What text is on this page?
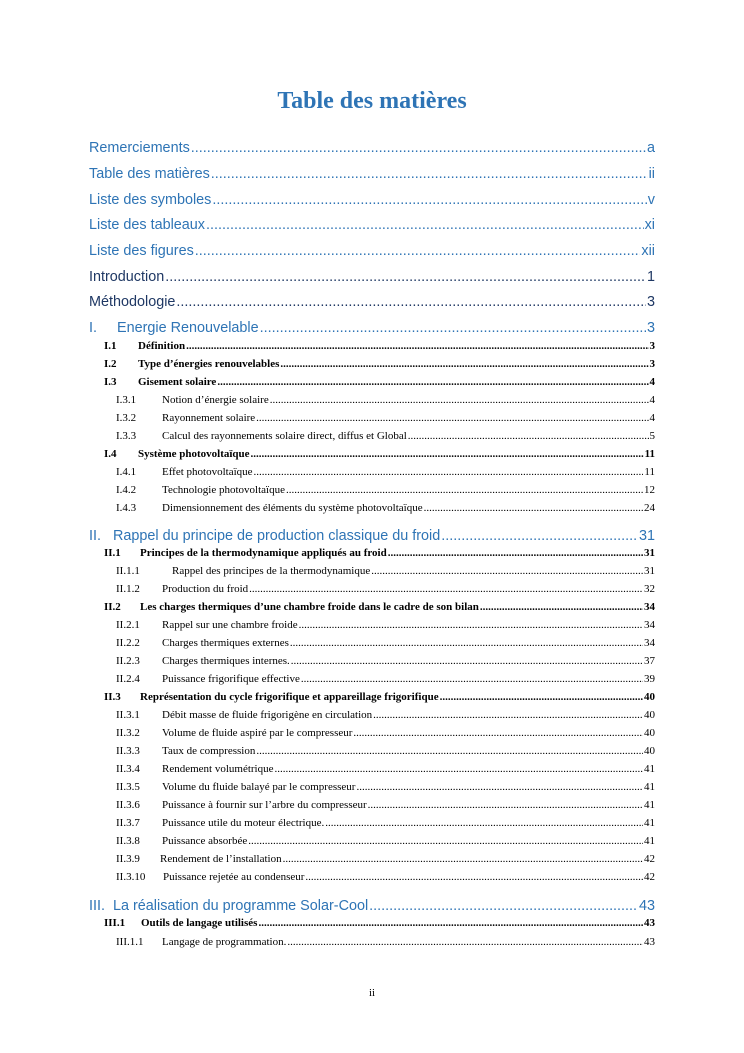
Table des matières
Remerciements .....	a
Table des matières .....	ii
Liste des symboles .....	v
Liste des tableaux .....	xi
Liste des figures .....	xii
Introduction .....	1
Méthodologie .....	3
I. Energie Renouvelable .....	3
I.1 Définition .....	3
I.2 Type d’énergies renouvelables .....	3
I.3 Gisement solaire .....	4
I.3.1 Notion d’énergie solaire .....	4
I.3.2 Rayonnement solaire .....	4
I.3.3 Calcul des rayonnements solaire direct, diffus et Global .....	5
I.4 Système photovoltaïque .....	11
I.4.1 Effet photovoltaïque .....	11
I.4.2 Technologie photovoltaïque .....	12
I.4.3 Dimensionnement des éléments du système photovoltaïque .....	24
II. Rappel du principe de production classique du froid .....	31
II.1 Principes de la thermodynamique appliqués au froid .....	31
II.1.1	Rappel des principes de la thermodynamique .....	31
II.1.2 Production du froid .....	32
II.2 Les charges thermiques d’une chambre froide dans le cadre de son bilan .....	34
II.2.1 Rappel sur une chambre froide .....	34
II.2.2 Charges thermiques externes .....	34
II.2.3 Charges thermiques internes. .....	37
II.2.4 Puissance frigorifique effective .....	39
II.3 Représentation du cycle frigorifique et appareillage frigorifique .....	40
II.3.1 Débit masse de fluide frigorigène en circulation .....	40
II.3.2 Volume de fluide aspiré par le compresseur .....	40
II.3.3 Taux de compression .....	40
II.3.4 Rendement volumétrique .....	41
II.3.5 Volume du fluide balayé par le compresseur .....	41
II.3.6 Puissance à fournir sur l’arbre du compresseur .....	41
II.3.7 Puissance utile du moteur électrique. .....	41
II.3.8 Puissance absorbée .....	41
II.3.9 Rendement de l’installation .....	42
II.3.10 Puissance rejetée au condenseur .....	42
III. La réalisation du programme Solar-Cool .....	43
III.1 Outils de langage utilisés .....	43
III.1.1 Langage de programmation. .....	43
ii
